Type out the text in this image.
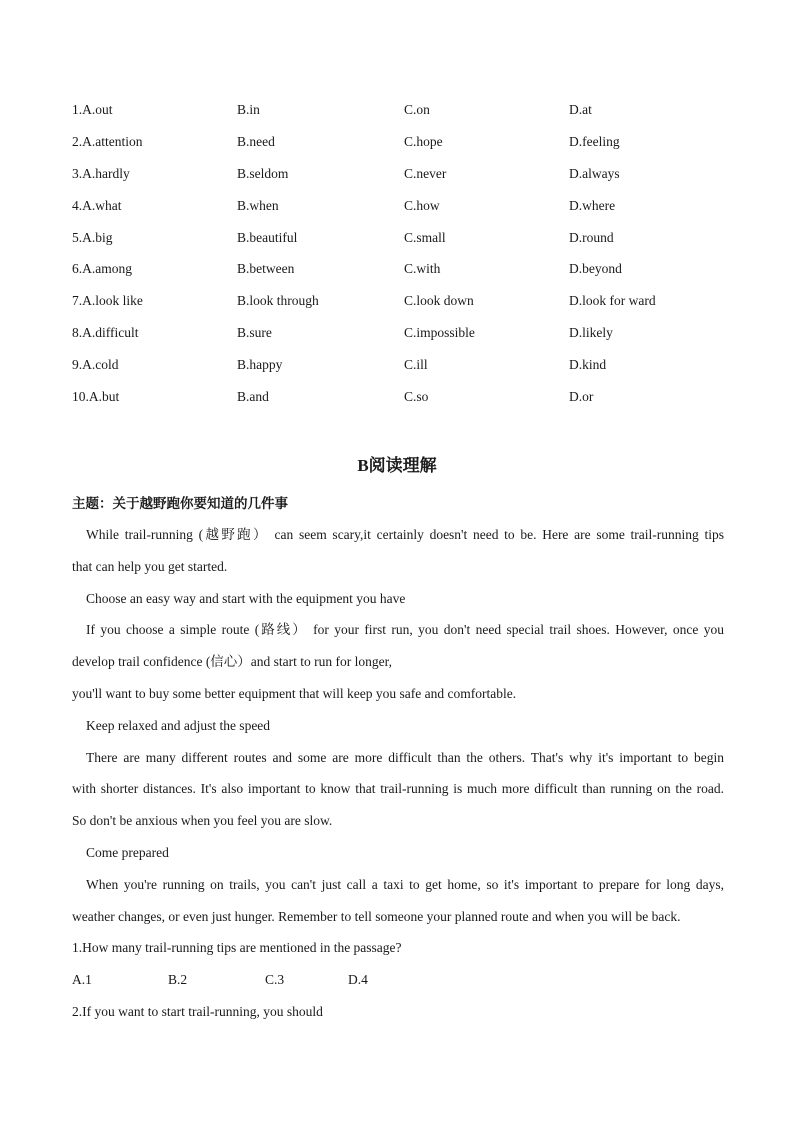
1.A.out	B.in	C.on	D.at
2.A.attention	B.need	C.hope	D.feeling
3.A.hardly	B.seldom	C.never	D.always
4.A.what	B.when	C.how	D.where
5.A.big	B.beautiful	C.small	D.round
6.A.among	B.between	C.with	D.beyond
7.A.look like	B.look through	C.look down	D.look for ward
8.A.difficult	B.sure	C.impossible	D.likely
9.A.cold	B.happy	C.ill	D.kind
10.A.but	B.and	C.so	D.or
B阅读理解
主题：关于越野跑你要知道的几件事
While trail-running (越野跑） can seem scary,it certainly doesn't need to be. Here are some trail-running tips
that can help you get started.
Choose an easy way and start with the equipment you have
If you choose a simple route (路线） for your first run, you don't need special trail shoes. However, once you
develop trail confidence (信心）and start to run for longer,
you'll want to buy some better equipment that will keep you safe and comfortable.
Keep relaxed and adjust the speed
There are many different routes and some are more difficult than the others. That's why it's important to begin
with shorter distances. It's also important to know that trail-running is much more difficult than running on the road.
So don't be anxious when you feel you are slow.
Come prepared
When you're running on trails, you can't just call a taxi to get home, so it's important to prepare for long days,
weather changes, or even just hunger. Remember to tell someone your planned route and when you will be back.
1.How many trail-running tips are mentioned in the passage?
A.1	B.2	C.3	D.4
2.If you want to start trail-running, you should
